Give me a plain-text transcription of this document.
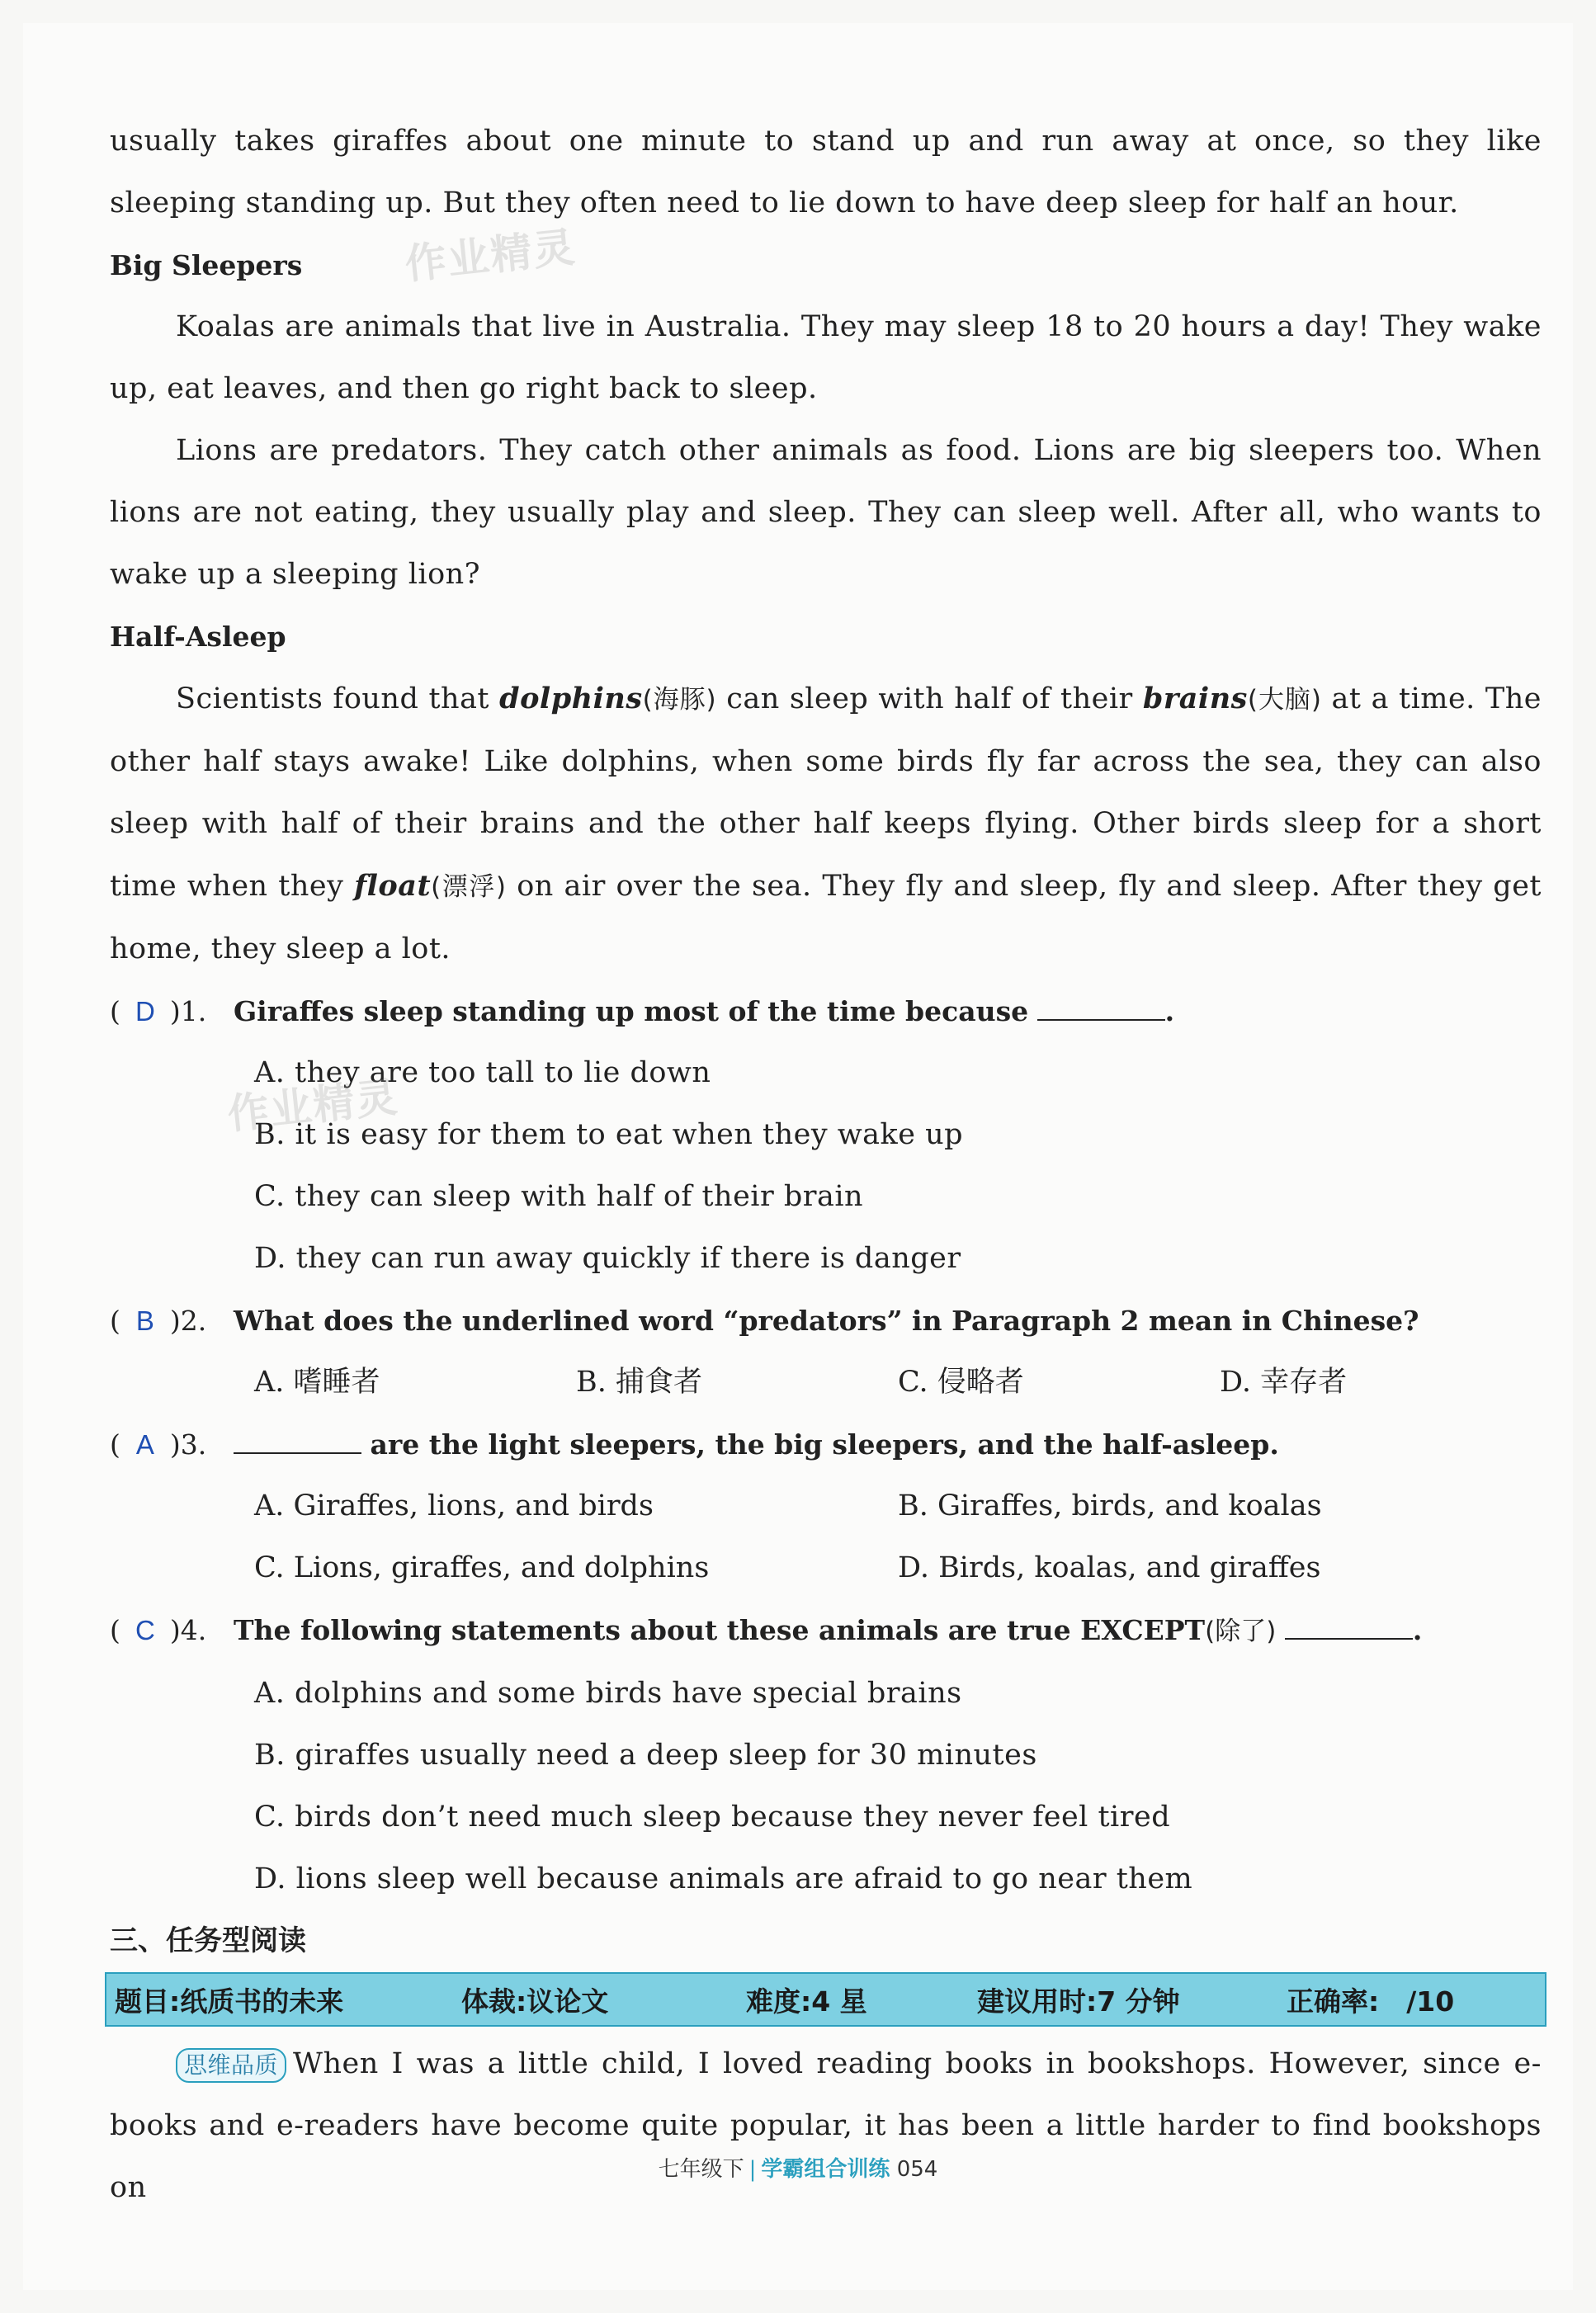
usually takes giraffes about one minute to stand up and run away at once, so they like sleeping standing up. But they often need to lie down to have deep sleep for half an hour.

Big Sleepers

Koalas are animals that live in Australia. They may sleep 18 to 20 hours a day! They wake up, eat leaves, and then go right back to sleep.

Lions are predators. They catch other animals as food. Lions are big sleepers too. When lions are not eating, they usually play and sleep. They can sleep well. After all, who wants to wake up a sleeping lion?

Half-Asleep

Scientists found that dolphins(海豚) can sleep with half of their brains(大脑) at a time. The other half stays awake! Like dolphins, when some birds fly far across the sea, they can also sleep with half of their brains and the other half keeps flying. Other birds sleep for a short time when they float(漂浮) on air over the sea. They fly and sleep, fly and sleep. After they get home, they sleep a lot.

( D )1. Giraffes sleep standing up most of the time because	.
A. they are too tall to lie down
B. it is easy for them to eat when they wake up
C. they can sleep with half of their brain
D. they can run away quickly if there is danger
( B )2. What does the underlined word “predators” in Paragraph 2 mean in Chinese?
A. 嗜睡者	B. 捕食者	C. 侵略者	D. 幸存者
( A )3.	are the light sleepers, the big sleepers, and the half-asleep.
A. Giraffes, lions, and birds	B. Giraffes, birds, and koalas
C. Lions, giraffes, and dolphins	D. Birds, koalas, and giraffes
( C )4. The following statements about these animals are true EXCEPT(除了)	.
A. dolphins and some birds have special brains
B. giraffes usually need a deep sleep for 30 minutes
C. birds don’t need much sleep because they never feel tired
D. lions sleep well because animals are afraid to go near them
三、任务型阅读
题目:纸质书的未来	体裁:议论文	难度:4 星	建议用时:7 分钟	正确率:　/10

思维品质 When I was a little child, I loved reading books in bookshops. However, since e-books and e-readers have become quite popular, it has been a little harder to find bookshops on

作业精灵
作业精灵
七年级下 | 学霸组合训练 054
